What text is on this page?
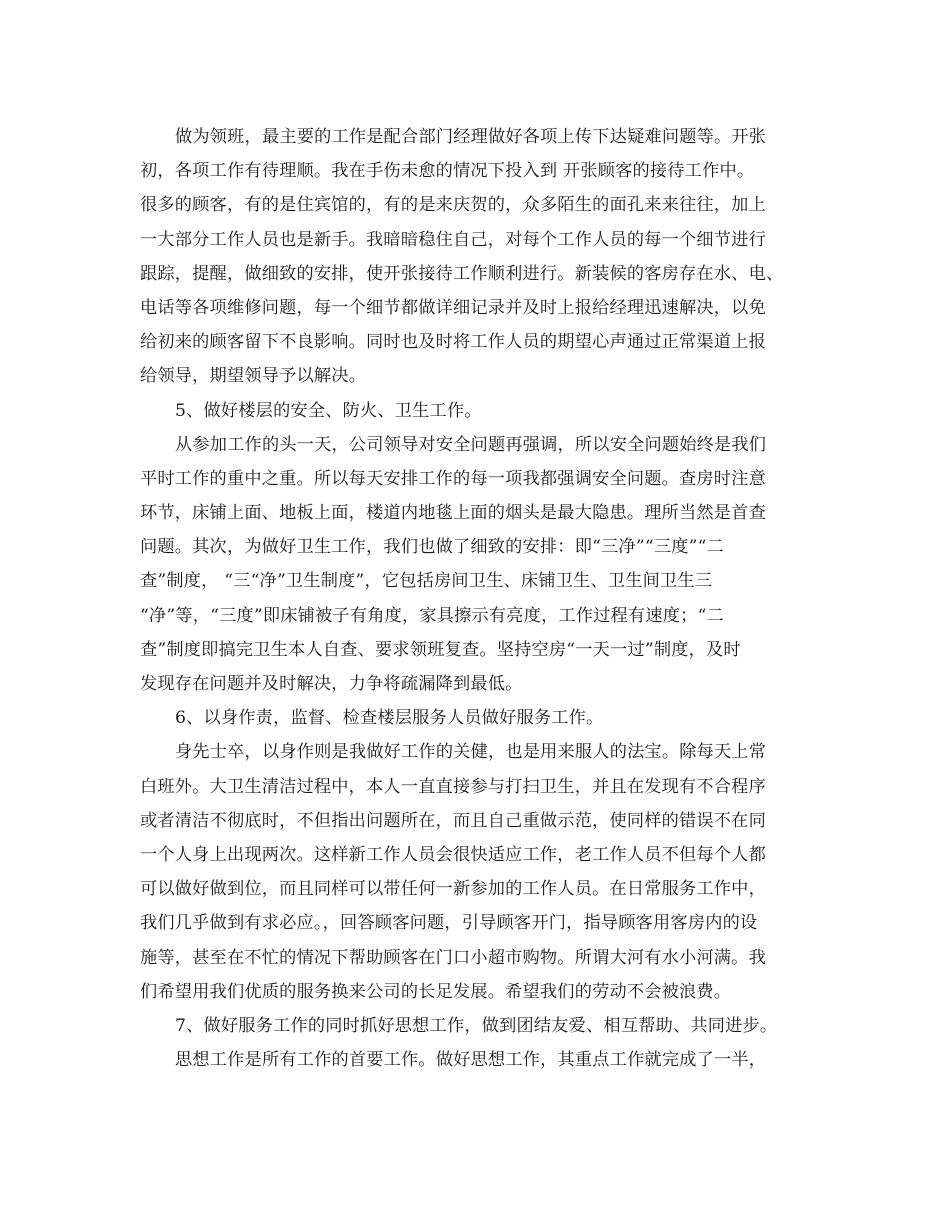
做为领班，最主要的工作是配合部门经理做好各项上传下达疑难问题等。开张
初，各项工作有待理顺。我在手伤未愈的情况下投入到 开张顾客的接待工作中。
很多的顾客，有的是住宾馆的，有的是来庆贺的，众多陌生的面孔来来往往，加上
一大部分工作人员也是新手。我暗暗稳住自己，对每个工作人员的每一个细节进行
跟踪，提醒，做细致的安排，使开张接待工作顺利进行。新装候的客房存在水、电、
电话等各项维修问题，每一个细节都做详细记录并及时上报给经理迅速解决，以免
给初来的顾客留下不良影响。同时也及时将工作人员的期望心声通过正常渠道上报
给领导，期望领导予以解决。
5、做好楼层的安全、防火、卫生工作。
从参加工作的头一天，公司领导对安全问题再强调，所以安全问题始终是我们
平时工作的重中之重。所以每天安排工作的每一项我都强调安全问题。查房时注意
环节，床铺上面、地板上面，楼道内地毯上面的烟头是最大隐患。理所当然是首查
问题。其次，为做好卫生工作，我们也做了细致的安排：即“三净”“三度”“二
查”制度， “三“净”卫生制度”，它包括房间卫生、床铺卫生、卫生间卫生三
“净”等，“三度”即床铺被子有角度，家具擦示有亮度，工作过程有速度；“二
查”制度即搞完卫生本人自查、要求领班复查。坚持空房“一天一过”制度，及时
发现存在问题并及时解决，力争将疏漏降到最低。
6、以身作责，监督、检查楼层服务人员做好服务工作。
身先士卒，以身作则是我做好工作的关健，也是用来服人的法宝。除每天上常
白班外。大卫生清洁过程中，本人一直直接参与打扫卫生，并且在发现有不合程序
或者清洁不彻底时，不但指出问题所在，而且自己重做示范，使同样的错误不在同
一个人身上出现两次。这样新工作人员会很快适应工作，老工作人员不但每个人都
可以做好做到位，而且同样可以带任何一新参加的工作人员。在日常服务工作中，
我们几乎做到有求必应。，回答顾客问题，引导顾客开门，指导顾客用客房内的设
施等，甚至在不忙的情况下帮助顾客在门口小超市购物。所谓大河有水小河满。我
们希望用我们优质的服务换来公司的长足发展。希望我们的劳动不会被浪费。
7、做好服务工作的同时抓好思想工作，做到团结友爱、相互帮助、共同进步。
思想工作是所有工作的首要工作。做好思想工作，其重点工作就完成了一半，
